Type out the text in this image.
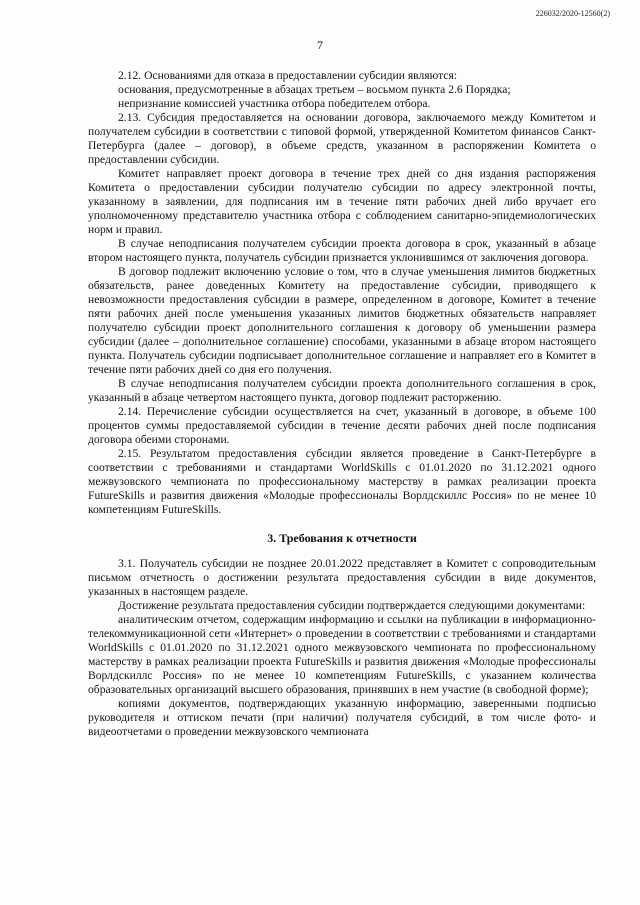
226032/2020-12560(2)
7

2.12. Основаниями для отказа в предоставлении субсидии являются:

основания, предусмотренные в абзацах третьем – восьмом пункта 2.6 Порядка;

непризнание комиссией участника отбора победителем отбора.

2.13. Субсидия предоставляется на основании договора, заключаемого между Комитетом и получателем субсидии в соответствии с типовой формой, утвержденной Комитетом финансов Санкт-Петербурга (далее – договор), в объеме средств, указанном в распоряжении Комитета о предоставлении субсидии.

Комитет направляет проект договора в течение трех дней со дня издания распоряжения Комитета о предоставлении субсидии получателю субсидии по адресу электронной почты, указанному в заявлении, для подписания им в течение пяти рабочих дней либо вручает его уполномоченному представителю участника отбора с соблюдением санитарно-эпидемиологических норм и правил.

В случае неподписания получателем субсидии проекта договора в срок, указанный в абзаце втором настоящего пункта, получатель субсидии признается уклонившимся от заключения договора.

В договор подлежит включению условие о том, что в случае уменьшения лимитов бюджетных обязательств, ранее доведенных Комитету на предоставление субсидии, приводящего к невозможности предоставления субсидии в размере, определенном в договоре, Комитет в течение пяти рабочих дней после уменьшения указанных лимитов бюджетных обязательств направляет получателю субсидии проект дополнительного соглашения к договору об уменьшении размера субсидии (далее – дополнительное соглашение) способами, указанными в абзаце втором настоящего пункта. Получатель субсидии подписывает дополнительное соглашение и направляет его в Комитет в течение пяти рабочих дней со дня его получения.

В случае неподписания получателем субсидии проекта дополнительного соглашения в срок, указанный в абзаце четвертом настоящего пункта, договор подлежит расторжению.

2.14. Перечисление субсидии осуществляется на счет, указанный в договоре, в объеме 100 процентов суммы предоставляемой субсидии в течение десяти рабочих дней после подписания договора обеими сторонами.

2.15. Результатом предоставления субсидии является проведение в Санкт-Петербурге в соответствии с требованиями и стандартами WorldSkills с 01.01.2020 по 31.12.2021 одного межвузовского чемпионата по профессиональному мастерству в рамках реализации проекта FutureSkills и развития движения «Молодые профессионалы Ворлдскиллс Россия» по не менее 10 компетенциям FutureSkills.

3. Требования к отчетности

3.1. Получатель субсидии не позднее 20.01.2022 представляет в Комитет с сопроводительным письмом отчетность о достижении результата предоставления субсидии в виде документов, указанных в настоящем разделе.

Достижение результата предоставления субсидии подтверждается следующими документами:

аналитическим отчетом, содержащим информацию и ссылки на публикации в информационно-телекоммуникационной сети «Интернет» о проведении в соответствии с требованиями и стандартами WorldSkills с 01.01.2020 по 31.12.2021 одного межвузовского чемпионата по профессиональному мастерству в рамках реализации проекта FutureSkills и развития движения «Молодые профессионалы Ворлдскиллс Россия» по не менее 10 компетенциям FutureSkills, с указанием количества образовательных организаций высшего образования, принявших в нем участие (в свободной форме);

копиями документов, подтверждающих указанную информацию, заверенными подписью руководителя и оттиском печати (при наличии) получателя субсидий, в том числе фото- и видеоотчетами о проведении межвузовского чемпионата
